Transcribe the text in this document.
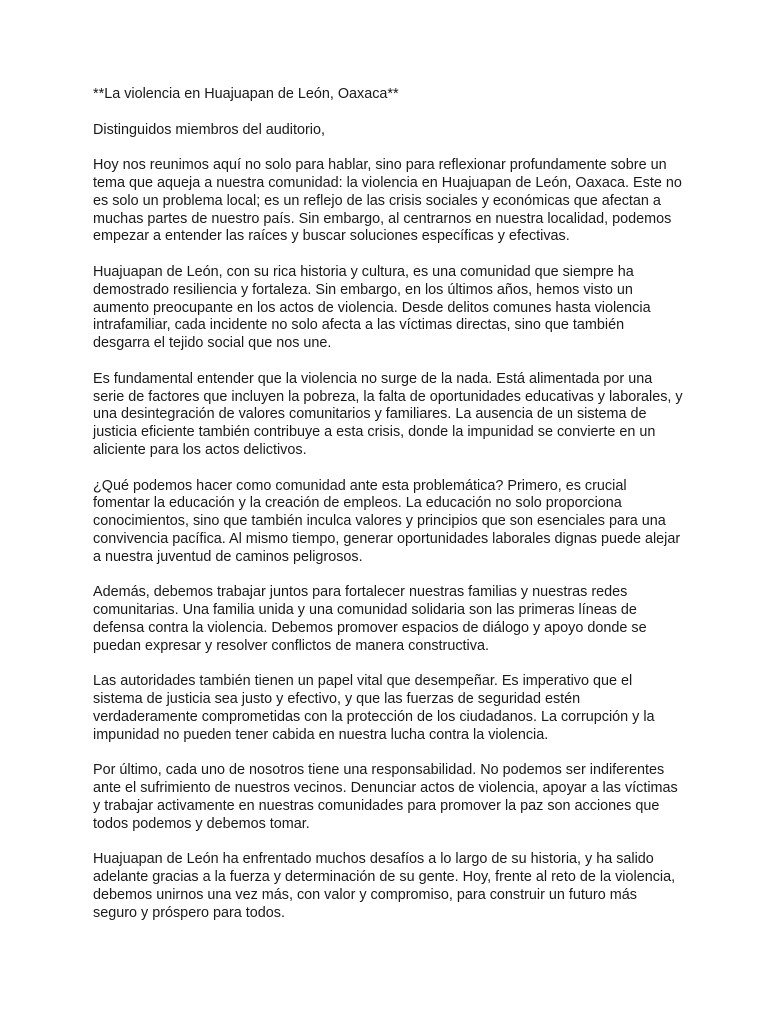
**La violencia en Huajuapan de León, Oaxaca**

Distinguidos miembros del auditorio,

Hoy nos reunimos aquí no solo para hablar, sino para reflexionar profundamente sobre un
tema que aqueja a nuestra comunidad: la violencia en Huajuapan de León, Oaxaca. Este no
es solo un problema local; es un reflejo de las crisis sociales y económicas que afectan a
muchas partes de nuestro país. Sin embargo, al centrarnos en nuestra localidad, podemos
empezar a entender las raíces y buscar soluciones específicas y efectivas.

Huajuapan de León, con su rica historia y cultura, es una comunidad que siempre ha
demostrado resiliencia y fortaleza. Sin embargo, en los últimos años, hemos visto un
aumento preocupante en los actos de violencia. Desde delitos comunes hasta violencia
intrafamiliar, cada incidente no solo afecta a las víctimas directas, sino que también
desgarra el tejido social que nos une.

Es fundamental entender que la violencia no surge de la nada. Está alimentada por una
serie de factores que incluyen la pobreza, la falta de oportunidades educativas y laborales, y
una desintegración de valores comunitarios y familiares. La ausencia de un sistema de
justicia eficiente también contribuye a esta crisis, donde la impunidad se convierte en un
aliciente para los actos delictivos.

¿Qué podemos hacer como comunidad ante esta problemática? Primero, es crucial
fomentar la educación y la creación de empleos. La educación no solo proporciona
conocimientos, sino que también inculca valores y principios que son esenciales para una
convivencia pacífica. Al mismo tiempo, generar oportunidades laborales dignas puede alejar
a nuestra juventud de caminos peligrosos.

Además, debemos trabajar juntos para fortalecer nuestras familias y nuestras redes
comunitarias. Una familia unida y una comunidad solidaria son las primeras líneas de
defensa contra la violencia. Debemos promover espacios de diálogo y apoyo donde se
puedan expresar y resolver conflictos de manera constructiva.

Las autoridades también tienen un papel vital que desempeñar. Es imperativo que el
sistema de justicia sea justo y efectivo, y que las fuerzas de seguridad estén
verdaderamente comprometidas con la protección de los ciudadanos. La corrupción y la
impunidad no pueden tener cabida en nuestra lucha contra la violencia.

Por último, cada uno de nosotros tiene una responsabilidad. No podemos ser indiferentes
ante el sufrimiento de nuestros vecinos. Denunciar actos de violencia, apoyar a las víctimas
y trabajar activamente en nuestras comunidades para promover la paz son acciones que
todos podemos y debemos tomar.

Huajuapan de León ha enfrentado muchos desafíos a lo largo de su historia, y ha salido
adelante gracias a la fuerza y determinación de su gente. Hoy, frente al reto de la violencia,
debemos unirnos una vez más, con valor y compromiso, para construir un futuro más
seguro y próspero para todos.
